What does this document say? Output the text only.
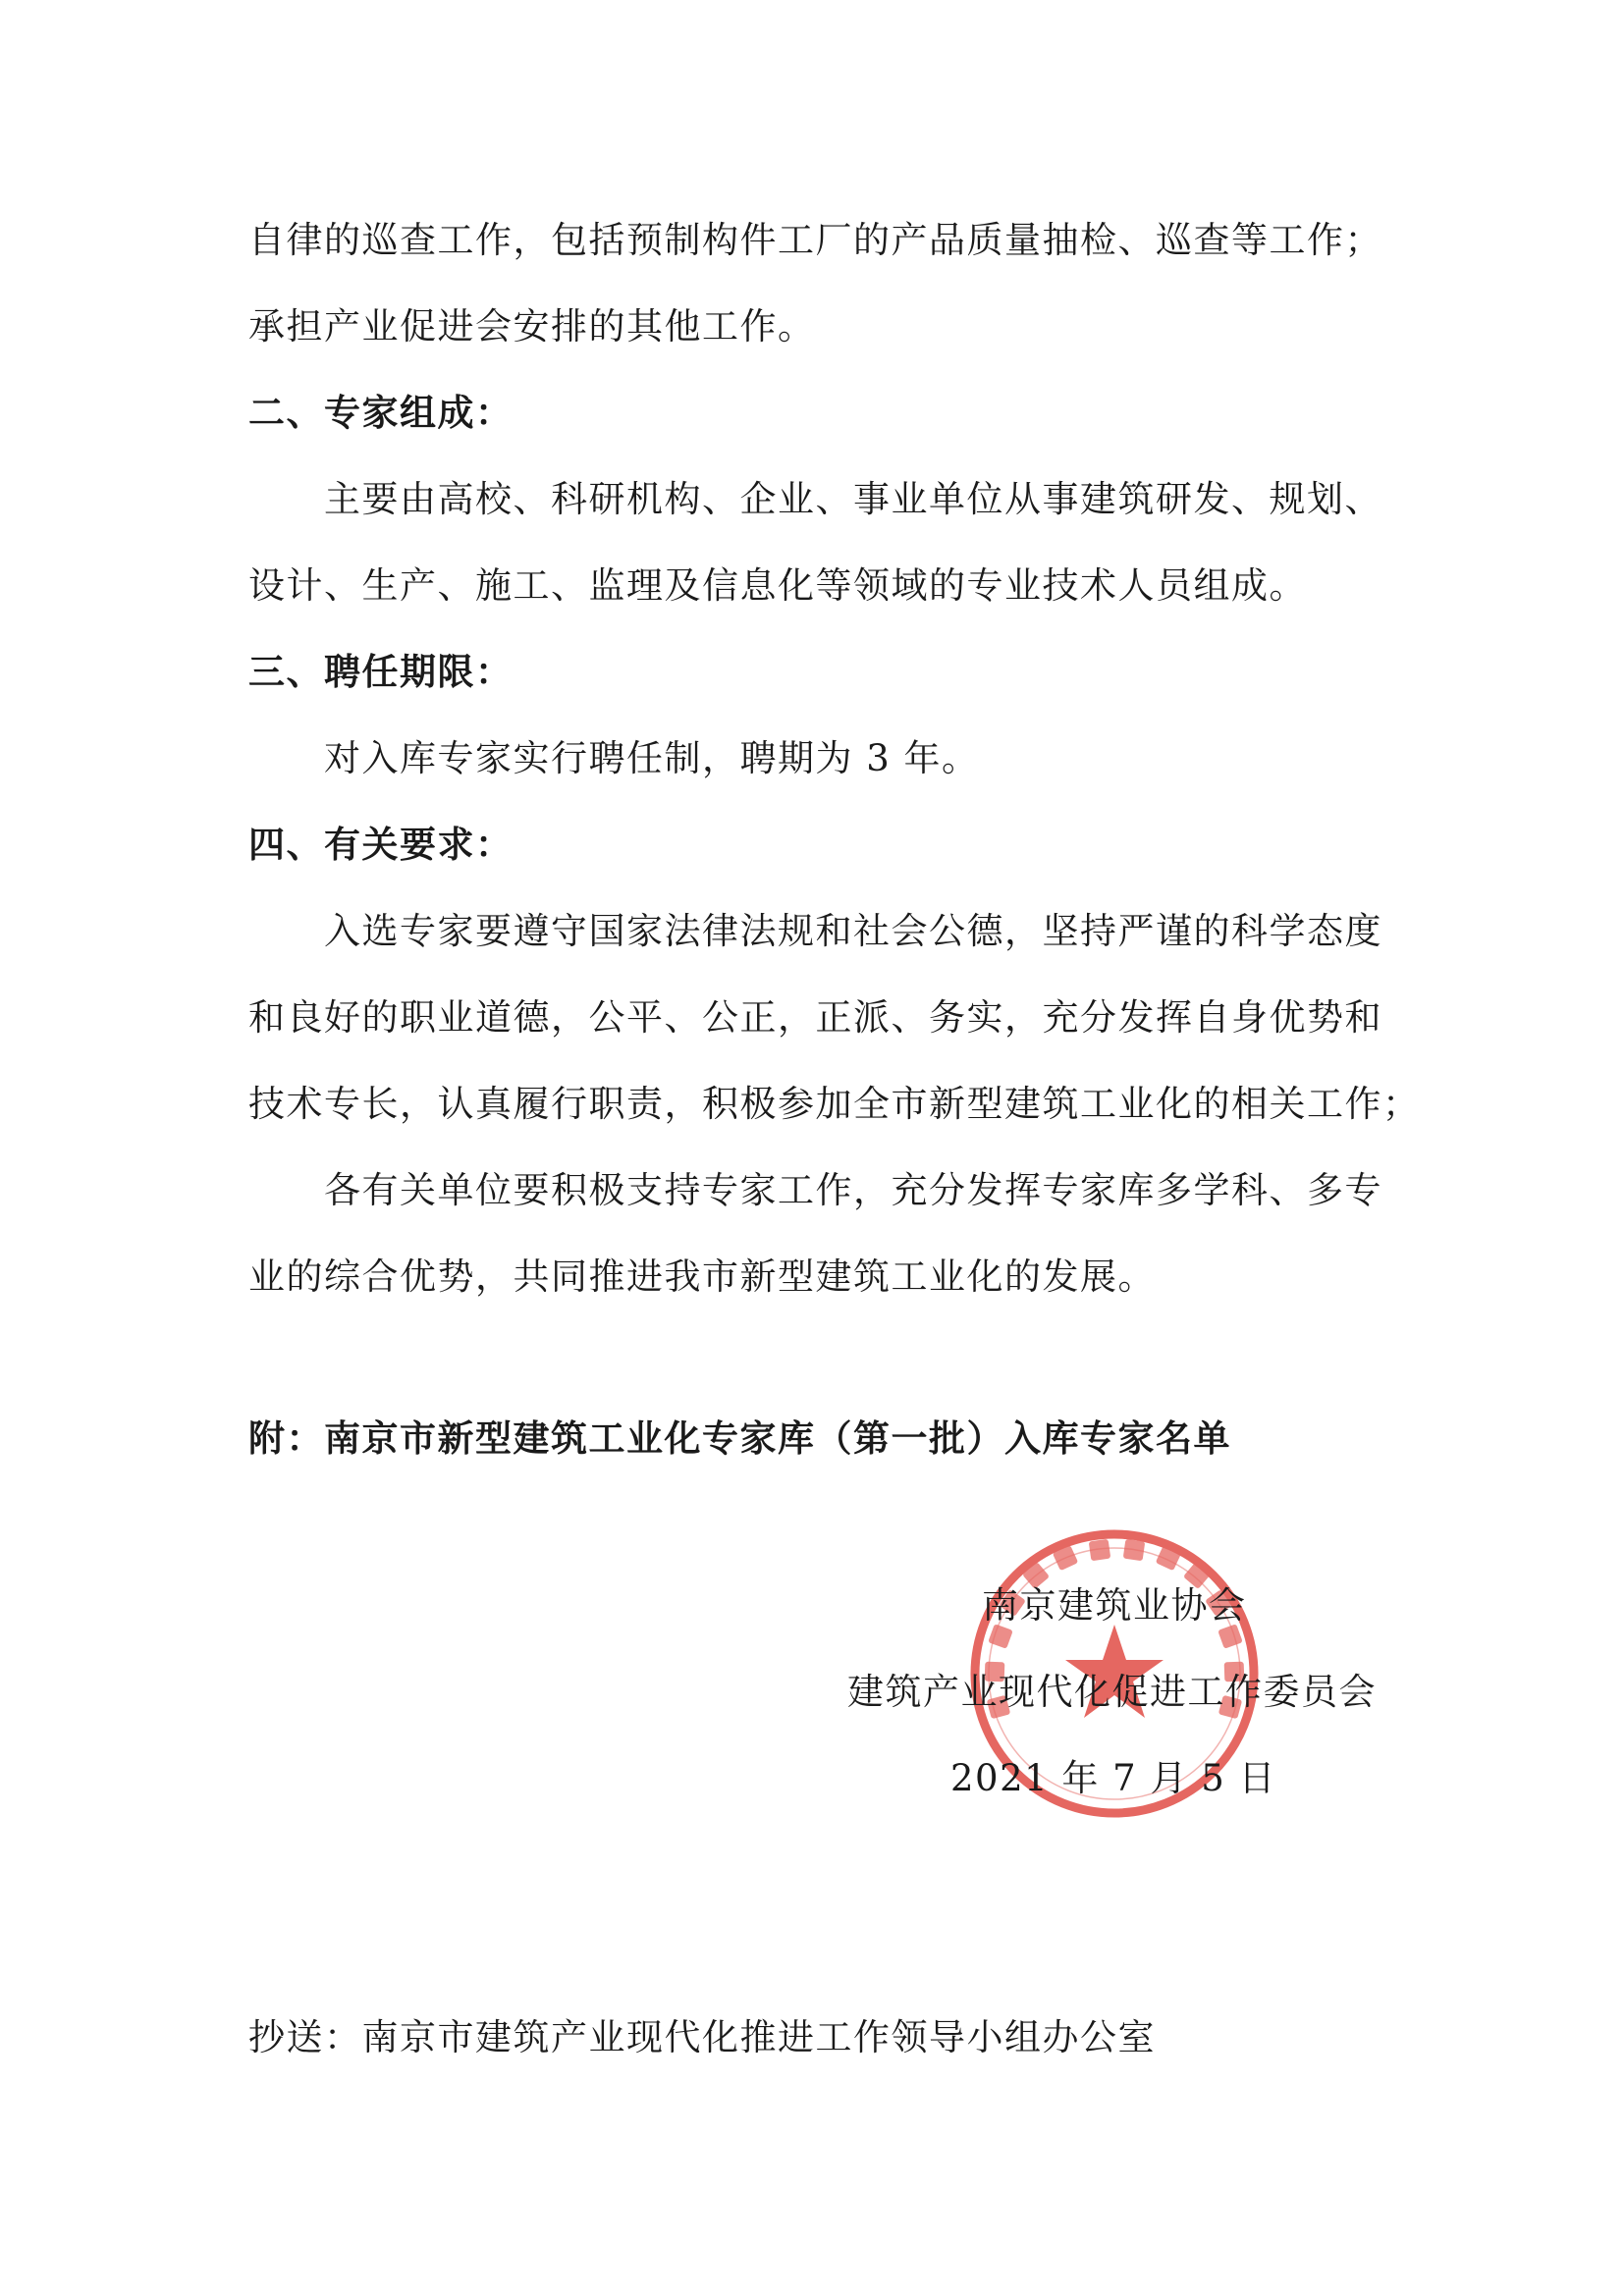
自律的巡查工作，包括预制构件工厂的产品质量抽检、巡查等工作；
承担产业促进会安排的其他工作。
二、专家组成：
主要由高校、科研机构、企业、事业单位从事建筑研发、规划、
设计、生产、施工、监理及信息化等领域的专业技术人员组成。
三、聘任期限：
对入库专家实行聘任制，聘期为 3 年。
四、有关要求：
入选专家要遵守国家法律法规和社会公德，坚持严谨的科学态度
和良好的职业道德，公平、公正，正派、务实，充分发挥自身优势和
技术专长，认真履行职责，积极参加全市新型建筑工业化的相关工作；
各有关单位要积极支持专家工作，充分发挥专家库多学科、多专
业的综合优势，共同推进我市新型建筑工业化的发展。
附：南京市新型建筑工业化专家库（第一批）入库专家名单
南京建筑业协会
建筑产业现代化促进工作委员会
2021 年 7 月 5 日
抄送：南京市建筑产业现代化推进工作领导小组办公室
